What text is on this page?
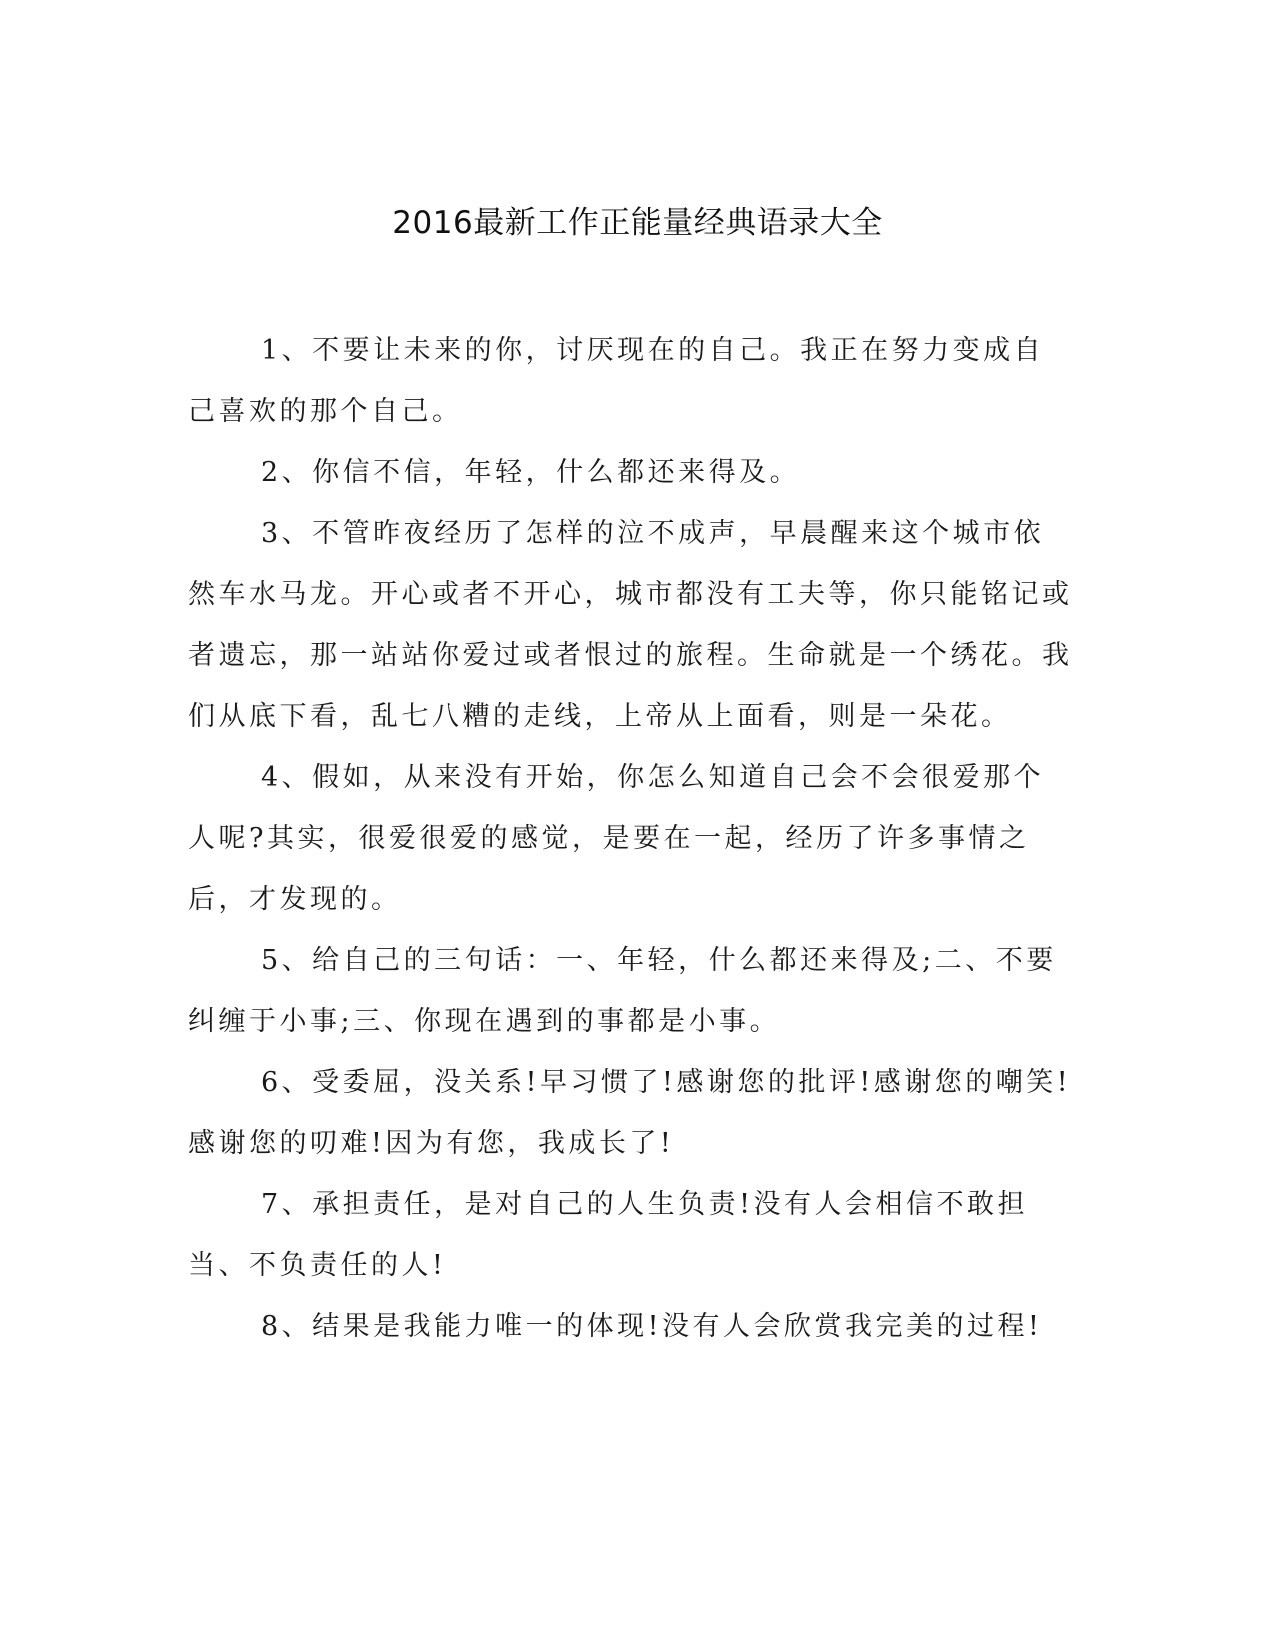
2016最新工作正能量经典语录大全

1、不要让未来的你，讨厌现在的自己。我正在努力变成自己喜欢的那个自己。

2、你信不信，年轻，什么都还来得及。

3、不管昨夜经历了怎样的泣不成声，早晨醒来这个城市依然车水马龙。开心或者不开心，城市都没有工夫等，你只能铭记或者遗忘，那一站站你爱过或者恨过的旅程。生命就是一个绣花。我们从底下看，乱七八糟的走线，上帝从上面看，则是一朵花。

4、假如，从来没有开始，你怎么知道自己会不会很爱那个人呢?其实，很爱很爱的感觉，是要在一起，经历了许多事情之后，才发现的。

5、给自己的三句话：一、年轻，什么都还来得及;二、不要纠缠于小事;三、你现在遇到的事都是小事。

6、受委屈，没关系!早习惯了!感谢您的批评!感谢您的嘲笑!感谢您的叨难!因为有您，我成长了!

7、承担责任，是对自己的人生负责!没有人会相信不敢担当、不负责任的人!

8、结果是我能力唯一的体现!没有人会欣赏我完美的过程!
